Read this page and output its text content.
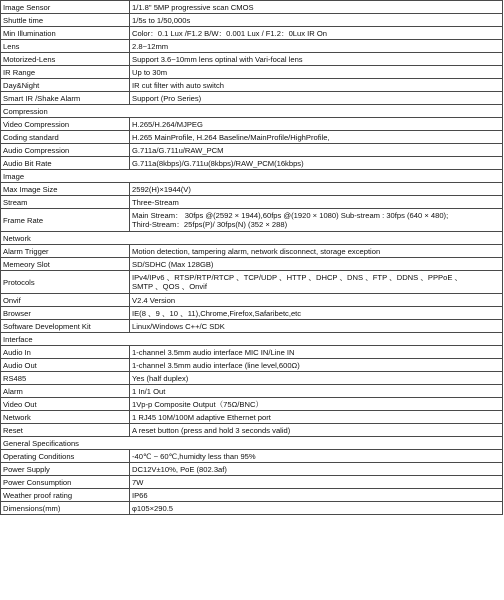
Image Sensor	1/1.8" 5MP progressive scan CMOS

Shuttle time	1/5s to 1/50,000s

Min Illumination	Color：0.1 Lux /F1.2 B/W：0.001 Lux / F1.2：0Lux IR On

Lens	2.8~12mm

Motorized-Lens	Support 3.6~10mm lens optinal with Vari-focal lens

IR Range	Up to 30m

Day&Night	IR cut filter with auto switch

Smart IR /Shake Alarm	Support (Pro Series)

Compression	
Video Compression	H.265/H.264/MJPEG

Coding standard	H.265 MainProfile, H.264 Baseline/MainProfile/HighProfile,

Audio Compression	G.711a/G.711u/RAW_PCM

Audio Bit Rate	G.711a(8kbps)/G.711u(8kbps)/RAW_PCM(16kbps)

Image	
Max Image Size	2592(H)×1944(V)

Stream	Three-Stream

Frame Rate	Main Stream： 30fps @(2592 × 1944),60fps @(1920 × 1080) Sub-stream : 30fps (640 × 480);
Third-Stream：25fps(P)/ 30fps(N) (352 × 288)

Network	
Alarm Trigger	Motion detection, tampering alarm, network disconnect, storage exception

Memeory Slot	SD/SDHC (Max 128GB)

Protocols	IPv4/IPv6 、RTSP/RTP/RTCP 、TCP/UDP 、HTTP 、DHCP 、DNS 、FTP 、DDNS 、PPPoE 、
SMTP 、QOS 、Onvif

Onvif	V2.4 Version

Browser	IE(8 、9 、10 、11),Chrome,Firefox,Safaribetc,etc

Software Development Kit	Linux/Windows C++/C SDK

Interface	
Audio In	1-channel 3.5mm audio interface MIC IN/Line IN

Audio Out	1-channel 3.5mm audio interface (line level,600Ω)

RS485	Yes (half duplex)

Alarm	1 In/1 Out

Video Out	1Vp-p Composite Output（75Ω/BNC）

Network	1 RJ45 10M/100M adaptive Ethernet port

Reset	A reset button (press and hold 3 seconds valid)

General Specifications	
Operating Conditions	-40℃ ~ 60℃,humidty less than 95%

Power Supply	DC12V±10%, PoE (802.3af)

Power Consumption	7W

Weather proof rating	IP66

Dimensions(mm)	φ105×290.5
